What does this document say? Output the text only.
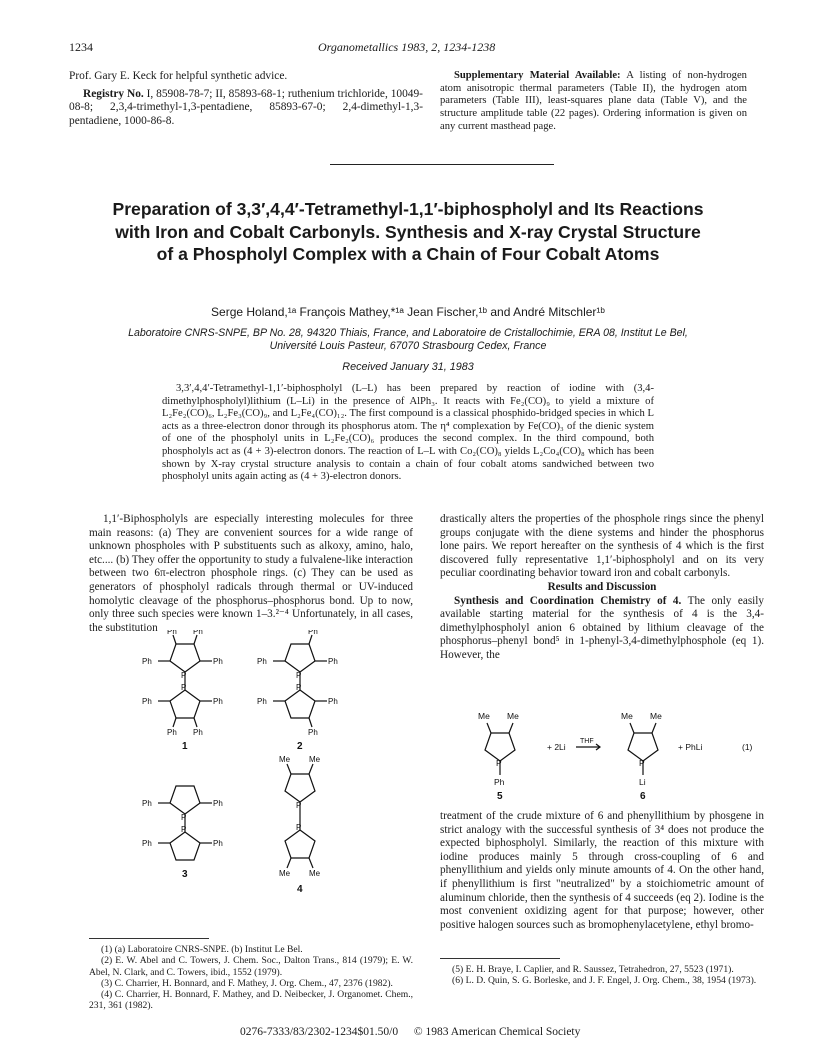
1234	Organometallics 1983, 2, 1234-1238

Prof. Gary E. Keck for helpful synthetic advice.

Registry No. I, 85908-78-7; II, 85893-68-1; ruthenium trichloride, 10049-08-8; 2,3,4-trimethyl-1,3-pentadiene, 85893-67-0; 2,4-dimethyl-1,3-pentadiene, 1000-86-8.

Supplementary Material Available: A listing of non-hydrogen atom anisotropic thermal parameters (Table II), the hydrogen atom parameters (Table III), least-squares plane data (Table V), and the structure amplitude table (22 pages). Ordering information is given on any current masthead page.

Preparation of 3,3′,4,4′-Tetramethyl-1,1′-biphospholyl and Its Reactions with Iron and Cobalt Carbonyls. Synthesis and X-ray Crystal Structure of a Phospholyl Complex with a Chain of Four Cobalt Atoms
Serge Holand,¹ᵃ François Mathey,*¹ᵃ Jean Fischer,¹ᵇ and André Mitschler¹ᵇ
Laboratoire CNRS-SNPE, BP No. 28, 94320 Thiais, France, and Laboratoire de Cristallochimie, ERA 08, Institut Le Bel, Université Louis Pasteur, 67070 Strasbourg Cedex, France
Received January 31, 1983

3,3′,4,4′-Tetramethyl-1,1′-biphospholyl (L–L) has been prepared by reaction of iodine with (3,4-dimethylphospholyl)lithium (L–Li) in the presence of AlPh₃. It reacts with Fe₂(CO)₉ to yield a mixture of L₂Fe₂(CO)₆, L₂Fe₃(CO)₉, and L₂Fe₄(CO)₁₂. The first compound is a classical phosphido-bridged species in which L acts as a three-electron donor through its phosphorus atom. The η⁴ complexation by Fe(CO)₃ of the dienic system of one of the phospholyl units in L₂Fe₂(CO)₆ produces the second complex. In the third compound, both phospholyls act as (4 + 3)-electron donors. The reaction of L–L with Co₂(CO)₈ yields L₂Co₄(CO)₈ which has been shown by X-ray crystal structure analysis to contain a chain of four cobalt atoms sandwiched between two phospholyl units again acting as (4 + 3)-electron donors.

1,1′-Biphospholyls are especially interesting molecules for three main reasons: (a) They are convenient sources for a wide range of unknown phospholes with P substituents such as alkoxy, amino, halo, etc.... (b) They offer the opportunity to study a fulvalene-like interaction between two 6π-electron phosphole rings. (c) They can be used as generators of phospholyl radicals through thermal or UV-induced homolytic cleavage of the phosphorus–phosphorus bond. Up to now, only three such species were known 1–3.²⁻⁴ Unfortunately, in all cases, the substitution	Ph Ph
Ph	Ph
P
P
Ph	Ph
Ph Ph
Ph
Ph	Ph
P
P
Ph	Ph
Ph
Ph	Ph
P
P
Ph	Ph
Me Me
P
P
Me Me
1	2
3
4

(1) (a) Laboratoire CNRS-SNPE. (b) Institut Le Bel.

(2) E. W. Abel and C. Towers, J. Chem. Soc., Dalton Trans., 814 (1979); E. W. Abel, N. Clark, and C. Towers, ibid., 1552 (1979).

(3) C. Charrier, H. Bonnard, and F. Mathey, J. Org. Chem., 47, 2376 (1982).

(4) C. Charrier, H. Bonnard, F. Mathey, and D. Neibecker, J. Organomet. Chem., 231, 361 (1982).

drastically alters the properties of the phosphole rings since the phenyl groups conjugate with the diene systems and hinder the phosphorus lone pairs. We report hereafter on the synthesis of 4 which is the first discovered fully representative 1,1′-biphospholyl and on its very peculiar coordinating behavior toward iron and cobalt carbonyls.

Results and Discussion

Synthesis and Coordination Chemistry of 4. The only easily available starting material for the synthesis of 4 is the 3,4-dimethylphospholyl anion 6 obtained by lithium cleavage of the phosphorus–phenyl bond⁵ in 1-phenyl-3,4-dimethylphosphole (eq 1). However, the

Me Me
P
Ph
+ 2Li
THF
Me Me
P
Li
+ PhLi	(1)
5	6

treatment of the crude mixture of 6 and phenyllithium by phosgene in strict analogy with the successful synthesis of 3⁴ does not produce the expected biphospholyl. Similarly, the reaction of this mixture with iodine produces mainly 5 through cross-coupling of 6 and phenyllithium and yields only minute amounts of 4. On the other hand, if phenyllithium is first "neutralized" by a stoichiometric amount of aluminum chloride, then the synthesis of 4 succeeds (eq 2). Iodine is the most convenient oxidizing agent for that purpose; however, other positive halogen sources such as bromophenylacetylene, ethyl bromo-

(5) E. H. Braye, I. Caplier, and R. Saussez, Tetrahedron, 27, 5523 (1971).

(6) L. D. Quin, S. G. Borleske, and J. F. Engel, J. Org. Chem., 38, 1954 (1973).

0276-7333/83/2302-1234$01.50/0 © 1983 American Chemical Society
